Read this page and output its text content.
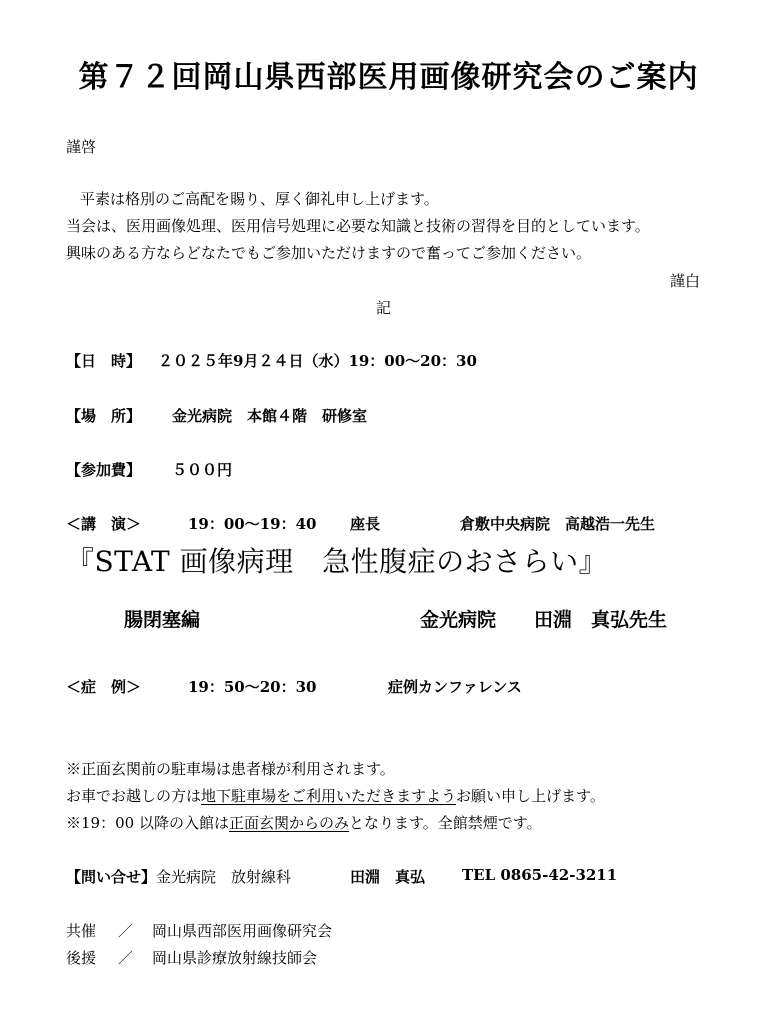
第７２回岡山県西部医用画像研究会のご案内
謹啓
平素は格別のご高配を賜り、厚く御礼申し上げます。
当会は、医用画像処理、医用信号処理に必要な知識と技術の習得を目的としています。
興味のある方ならどなたでもご参加いただけますので奮ってご参加ください。
謹白
記
【日　時】 ２０２５年9月２４日（水）19：00～20：30
【場　所】 金光病院　本館４階　研修室
【参加費】 ５００円
＜講　演＞	19：00～19：40 座長	倉敷中央病院　高越浩一先生
『STAT 画像病理　急性腹症のおさらい』
腸閉塞編	金光病院　　田淵　真弘先生
＜症　例＞	19：50～20：30	症例カンファレンス
※正面玄関前の駐車場は患者様が利用されます。
お車でお越しの方は地下駐車場をご利用いただきますようお願い申し上げます。
※19：00 以降の入館は正面玄関からのみとなります。全館禁煙です。
【問い合せ】金光病院　放射線科	田淵　真弘 TEL 0865-42-3211
共催 ／ 岡山県西部医用画像研究会
後援 ／ 岡山県診療放射線技師会
